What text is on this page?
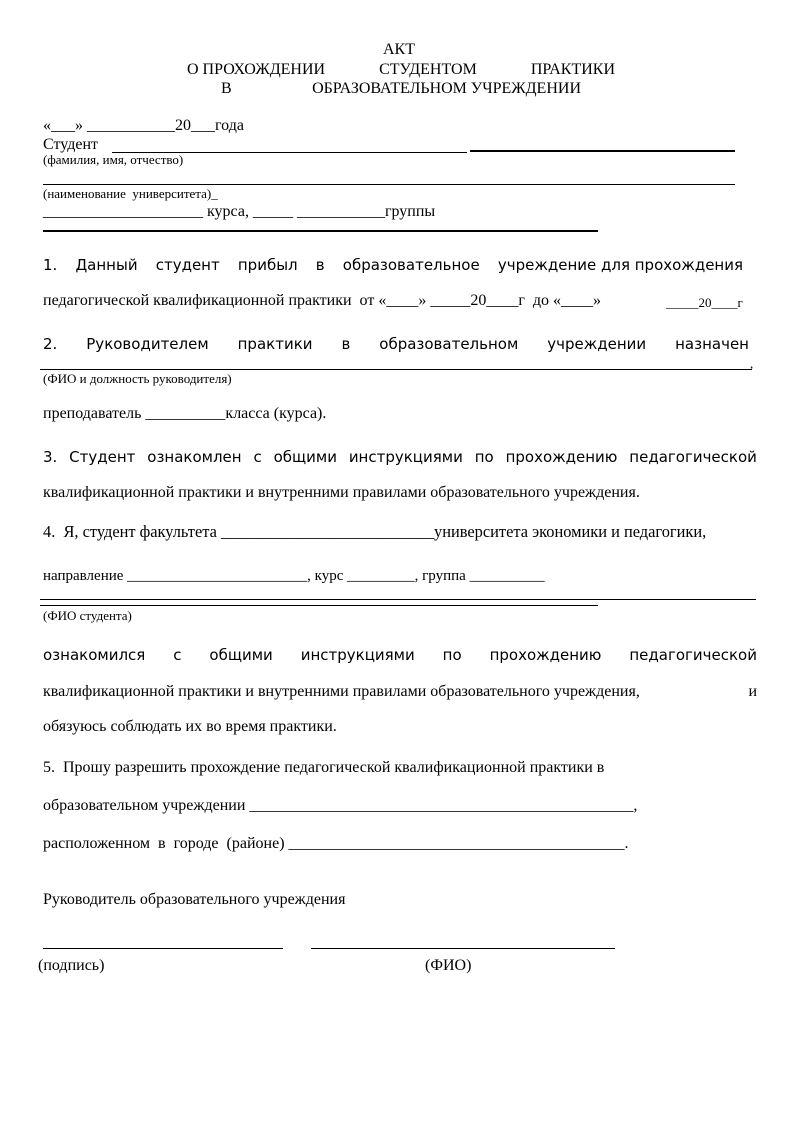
АКТ
О ПРОХОЖДЕНИИ	СТУДЕНТОМ	ПРАКТИКИ
В	ОБРАЗОВАТЕЛЬНОМ УЧРЕЖДЕНИИ
«___» ___________20___года
Студент
(фамилия, имя, отчество)
(наименование  университета)_
____________________ курса, _____ ___________группы
1. Данный студент прибыл в образовательное учреждение для прохождения
педагогической квалификационной практики  от «____» _____20____г  до «____»	_____20____г
2. Руководителем практики в образовательном учреждении назначен
,
(ФИО и должность руководителя)
преподаватель __________класса (курса).
3. Студент ознакомлен с общими инструкциями по прохождению педагогической
квалификационной практики и внутренними правилами образовательного учреждения.
4.  Я, студент факультета __________________________университета экономики и педагогики,
направление ________________________, курс _________, группа __________
(ФИО студента)
ознакомился с общими инструкциями по прохождению педагогической
квалификационной практики и внутренними правилами образовательного учреждения,	и
обязуюсь соблюдать их во время практики.
5.  Прошу разрешить прохождение педагогической квалификационной практики в
образовательном учреждении ________________________________________________,
расположенном  в  городе  (районе) __________________________________________.
Руководитель образовательного учреждения
(подпись)	(ФИО)
